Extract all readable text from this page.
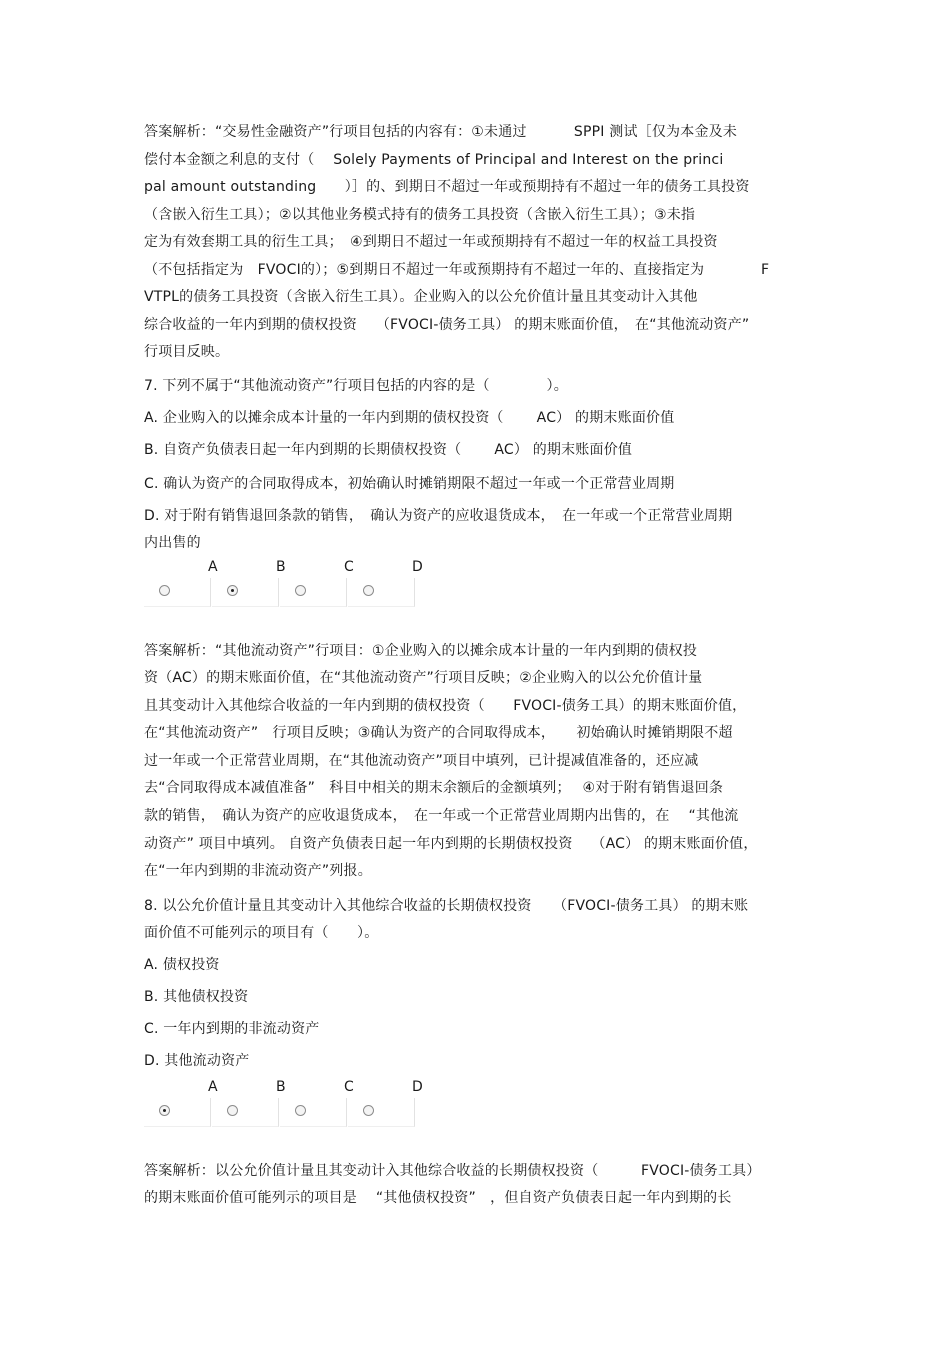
答案解析：“交易性金融资产”行项目包括的内容有：①未通过 　　　SPPI 测试［仅为本金及未
偿付本金额之利息的支付（　 Solely Payments of Principal and Interest on the princi
pal amount outstanding　　）］的、到期日不超过一年或预期持有不超过一年的债务工具投资
（含嵌入衍生工具）；②以其他业务模式持有的债务工具投资（含嵌入衍生工具）；③未指
定为有效套期工具的衍生工具；　④到期日不超过一年或预期持有不超过一年的权益工具投资
（不包括指定为　FVOCI的）；⑤到期日不超过一年或预期持有不超过一年的、直接指定为　　　　F
VTPL的债务工具投资（含嵌入衍生工具）。企业购入的以公允价值计量且其变动计入其他
综合收益的一年内到期的债权投资　 （FVOCI-债务工具） 的期末账面价值，　在“其他流动资产”
行项目反映。
7. 下列不属于“其他流动资产”行项目包括的内容的是（　　　　）。
A. 企业购入的以摊余成本计量的一年内到期的债权投资（　　 AC） 的期末账面价值
B. 自资产负债表日起一年内到期的长期债权投资（　　 AC） 的期末账面价值
C. 确认为资产的合同取得成本，初始确认时摊销期限不超过一年或一个正常营业周期
D. 对于附有销售退回条款的销售，　确认为资产的应收退货成本，　在一年或一个正常营业周期
内出售的
A	B	C	D
答案解析：“其他流动资产”行项目：①企业购入的以摊余成本计量的一年内到期的债权投
资（AC）的期末账面价值，在“其他流动资产”行项目反映；②企业购入的以公允价值计量
且其变动计入其他综合收益的一年内到期的债权投资（　　FVOCI-债务工具）的期末账面价值，
在“其他流动资产”　行项目反映；③确认为资产的合同取得成本，　　初始确认时摊销期限不超
过一年或一个正常营业周期，在“其他流动资产”项目中填列，已计提减值准备的，还应减
去“合同取得成本减值准备”　科目中相关的期末余额后的金额填列；　 ④对于附有销售退回条
款的销售，　确认为资产的应收退货成本，　在一年或一个正常营业周期内出售的，在　 “其他流
动资产” 项目中填列。 自资产负债表日起一年内到期的长期债权投资　 （AC） 的期末账面价值，
在“一年内到期的非流动资产”列报。
8. 以公允价值计量且其变动计入其他综合收益的长期债权投资　　（FVOCI-债务工具） 的期末账
面价值不可能列示的项目有（　　）。
A. 债权投资
B. 其他债权投资
C. 一年内到期的非流动资产
D. 其他流动资产
A	B	C	D
答案解析：以公允价值计量且其变动计入其他综合收益的长期债权投资（　　　FVOCI-债务工具）
的期末账面价值可能列示的项目是　 “其他债权投资”　，但自资产负债表日起一年内到期的长
